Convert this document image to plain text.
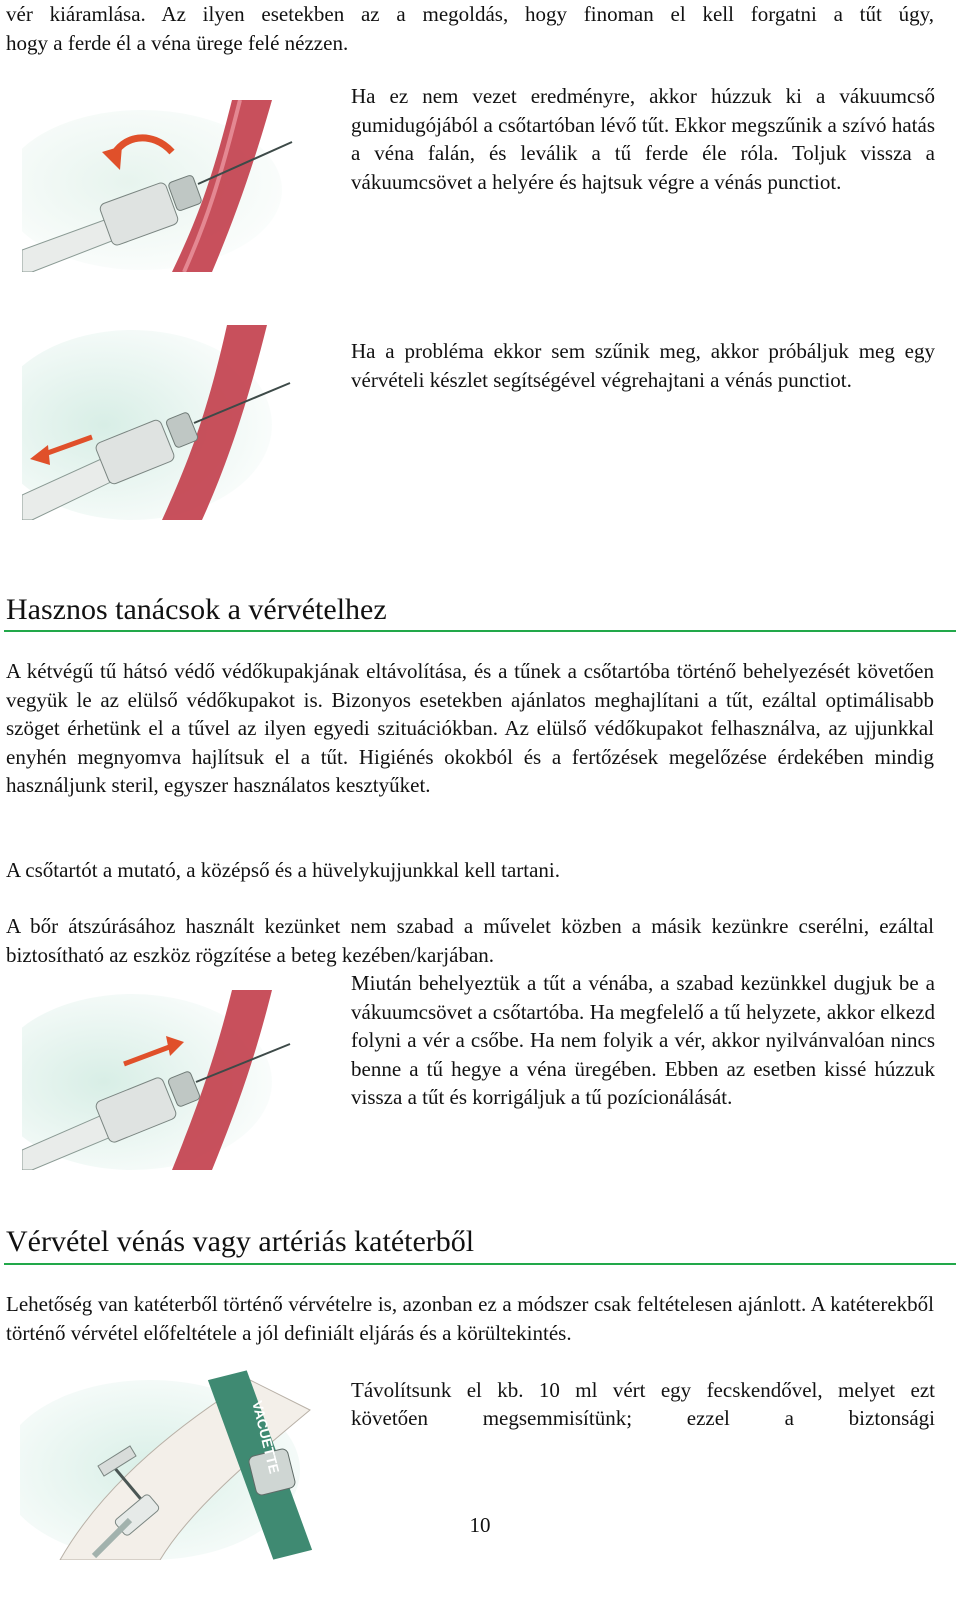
vér kiáramlása. Az ilyen esetekben az a megoldás, hogy finoman el kell forgatni a tűt úgy,

hogy a ferde él a véna ürege felé nézzen.

Ha ez nem vezet eredményre, akkor húzzuk ki a vákuumcső gumidugójából a csőtartóban lévő tűt. Ekkor megszűnik a szívó hatás a véna falán, és leválik a tű ferde éle róla. Toljuk vissza a vákuumcsövet a helyére és hajtsuk végre a vénás punctiot.

Ha a probléma ekkor sem szűnik meg, akkor próbáljuk meg egy vérvételi készlet segítségével végrehajtani a vénás punctiot.

Hasznos tanácsok a vérvételhez

A kétvégű tű hátsó védő védőkupakjának eltávolítása, és a tűnek a csőtartóba történő behelyezését követően vegyük le az elülső védőkupakot is. Bizonyos esetekben ajánlatos meghajlítani a tűt, ezáltal optimálisabb szöget érhetünk el a tűvel az ilyen egyedi szituációkban. Az elülső védőkupakot felhasználva, az ujjunkkal enyhén megnyomva hajlítsuk el a tűt. Higiénés okokból és a fertőzések megelőzése érdekében mindig használjunk steril, egyszer használatos kesztyűket.

A csőtartót a mutató, a középső és a hüvelykujjunkkal kell tartani.

A bőr átszúrásához használt kezünket nem szabad a művelet közben a másik kezünkre cserélni, ezáltal biztosítható az eszköz rögzítése a beteg kezében/karjában.

Miután behelyeztük a tűt a vénába, a szabad kezünkkel dugjuk be a vákuumcsövet a csőtartóba. Ha megfelelő a tű helyzete, akkor elkezd folyni a vér a csőbe. Ha nem folyik a vér, akkor nyilvánvalóan nincs benne a tű hegye a véna üregében. Ebben az esetben kissé húzzuk vissza a tűt és korrigáljuk a tű pozícionálását.

Vérvétel vénás vagy artériás katéterből

Lehetőség van katéterből történő vérvételre is, azonban ez a módszer csak feltételesen ajánlott. A katéterekből történő vérvétel előfeltétele a jól definiált eljárás és a körültekintés.

VACUETTE

Távolítsunk el kb. 10 ml vért egy fecskendővel, melyet ezt

követően megsemmisítünk; ezzel a biztonsági

10
